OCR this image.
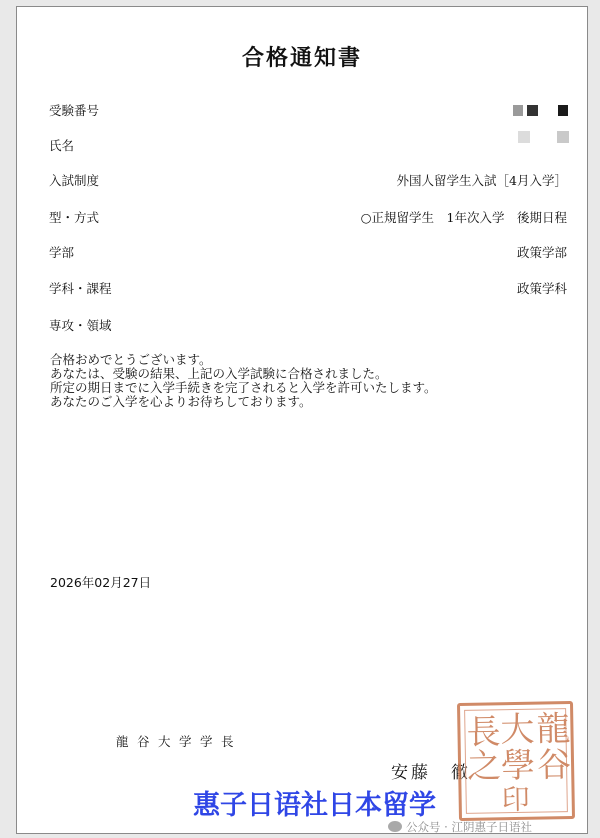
合格通知書
受験番号
氏名
入試制度	外国人留学生入試［4月入学］
型・方式	○正規留学生　1年次入学　後期日程
学部	政策学部
学科・課程	政策学科
専攻・領域
合格おめでとうございます。
あなたは、受験の結果、上記の入学試験に合格されました。
所定の期日までに入学手続きを完了されると入学を許可いたします。
あなたのご入学を心よりお待ちしております。
2026年02月27日
龍谷大学学長
安藤　徹
龍
大
長
谷
學
之
印
惠子日语社日本留学
公众号 · 江阴惠子日语社
